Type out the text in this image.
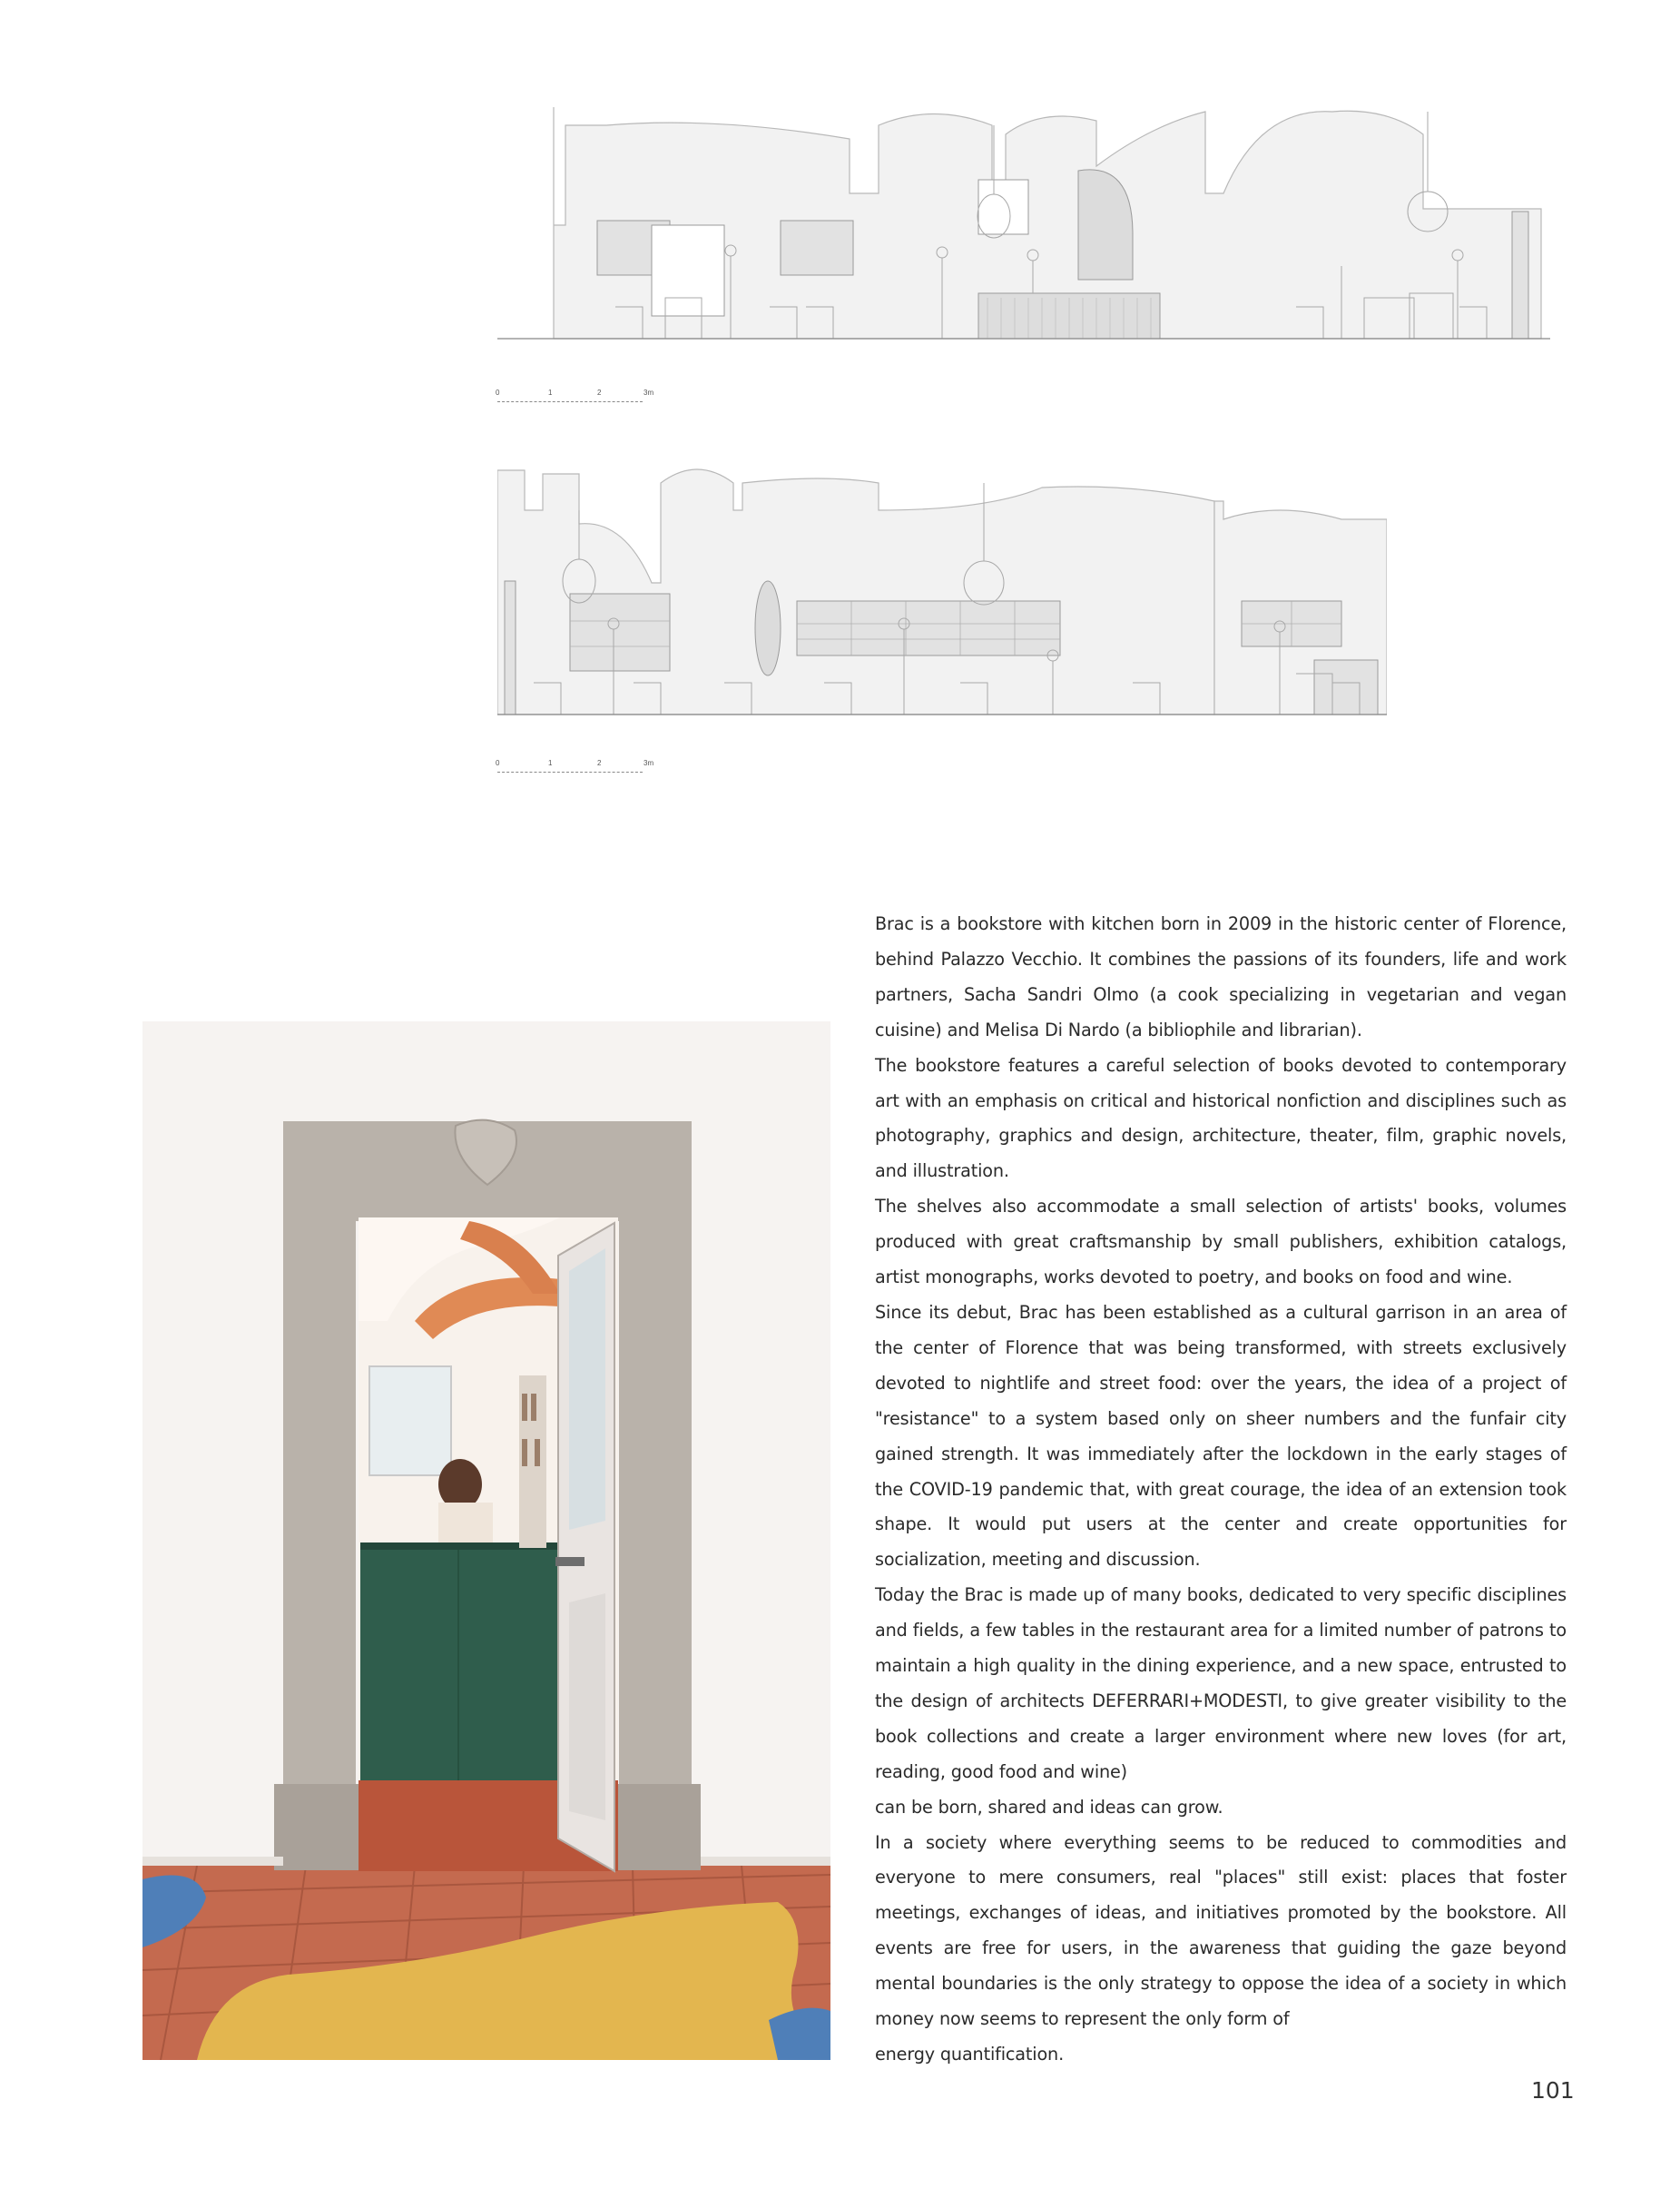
0	1	2	3m
0	1	2	3m

Brac is a bookstore with kitchen born in 2009 in the historic center of Florence, behind Palazzo Vecchio. It combines the passions of its founders, life and work partners, Sacha Sandri Olmo (a cook specializing in vegetarian and vegan cuisine) and Melisa Di Nardo (a bibliophile and librarian).

The bookstore features a careful selection of books devoted to contemporary art with an emphasis on critical and historical nonfiction and disciplines such as photography, graphics and design, architecture, theater, film, graphic novels, and illustration.

The shelves also accommodate a small selection of artists' books, volumes produced with great craftsmanship by small publishers, exhibition catalogs, artist monographs, works devoted to poetry, and books on food and wine.

Since its debut, Brac has been established as a cultural garrison in an area of the center of Florence that was being transformed, with streets exclusively devoted to nightlife and street food: over the years, the idea of a project of "resistance" to a system based only on sheer numbers and the funfair city gained strength. It was immediately after the lockdown in the early stages of the COVID-19 pandemic that, with great courage, the idea of an extension took shape. It would put users at the center and create opportunities for socialization, meeting and discussion.

Today the Brac is made up of many books, dedicated to very specific disciplines and fields, a few tables in the restaurant area for a limited number of patrons to maintain a high quality in the dining experience, and a new space, entrusted to the design of architects DEFERRARI+MODESTI, to give greater visibility to the book collections and create a larger environment where new loves (for art, reading, good food and wine)

can be born, shared and ideas can grow.

In a society where everything seems to be reduced to commodities and everyone to mere consumers, real "places" still exist: places that foster meetings, exchanges of ideas, and initiatives promoted by the bookstore. All events are free for users, in the awareness that guiding the gaze beyond mental boundaries is the only strategy to oppose the idea of a society in which money now seems to represent the only form of

energy quantification.

101
